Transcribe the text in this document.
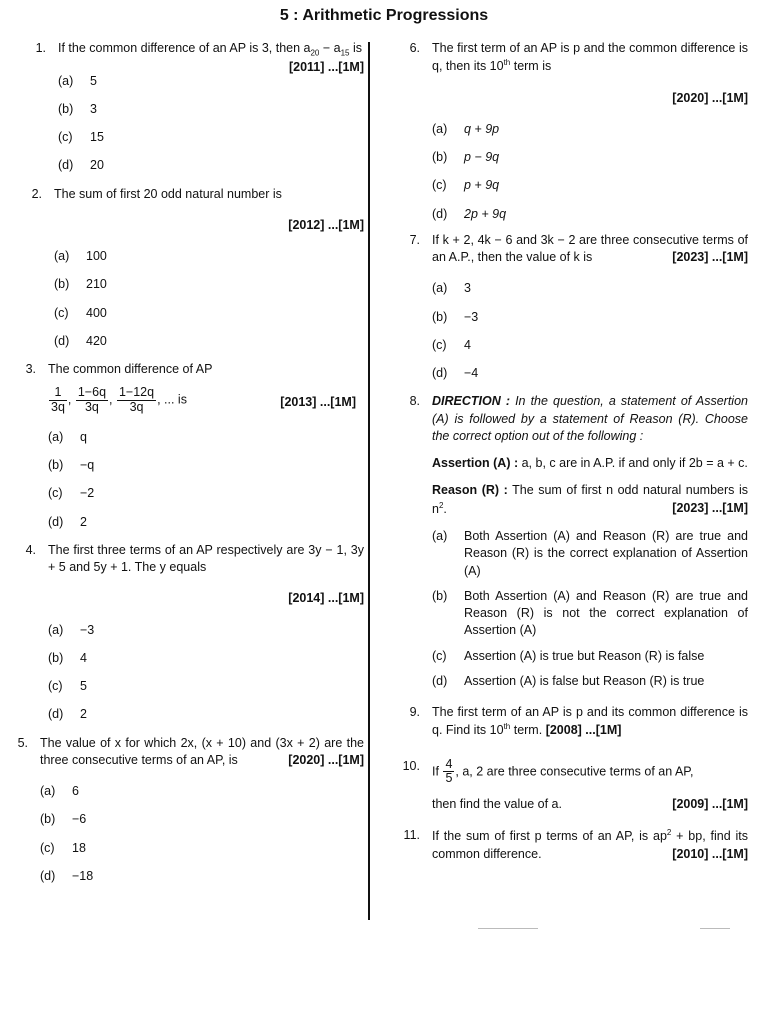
5 : Arithmetic Progressions
1. If the common difference of an AP is 3, then $a_{20} - a_{15}$ is
[2011] ...[1M]
(a)	5
(b)	3
(c)	15
(d)	20
2. The sum of first 20 odd natural number is
[2012] ...[1M]
(a)	100
(b)	210
(c)	400
(d)	420
3. The common difference of AP
$\frac{1}{3q}$ , $\frac{1-6q}{3q}$ , $\frac{1-12q}{3q}$ , ... is	[2013] ...[1M]
(a)	q
(b)	−q
(c)	−2
(d)	2
4. The first three terms of an AP respectively are 3y − 1, 3y + 5 and 5y + 1. The y equals
[2014] ...[1M]
(a)	−3
(b)	4
(c)	5
(d)	2
5. The value of x for which 2x, (x + 10) and (3x + 2) are the three consecutive terms of an AP, is	[2020] ...[1M]
(a)	6
(b)	−6
(c)	18
(d)	−18
6. The first term of an AP is p and the common difference is q, then its 10th term is
[2020] ...[1M]
(a)	q + 9p
(b)	p − 9q
(c)	p + 9q
(d)	2p + 9q
7. If k + 2, 4k − 6 and 3k − 2 are three consecutive terms of an A.P., then the value of k is	[2023] ...[1M]
(a)	3
(b)	−3
(c)	4
(d)	−4
8. DIRECTION : In the question, a statement of Assertion (A) is followed by a statement of Reason (R). Choose the correct option out of the following :
Assertion (A) : a, b, c are in A.P. if and only if 2b = a + c.
Reason (R) : The sum of first n odd natural numbers is $n^2$.	[2023] ...[1M]
(a)	Both Assertion (A) and Reason (R) are true and Reason (R) is the correct explanation of Assertion (A)
(b)	Both Assertion (A) and Reason (R) are true and Reason (R) is not the correct explanation of Assertion (A)
(c)	Assertion (A) is true but Reason (R) is false
(d)	Assertion (A) is false but Reason (R) is true
9. The first term of an AP is p and its common difference is q. Find its 10th term. [2008] ...[1M]
10. If $\frac{4}{5}$ , a, 2 are three consecutive terms of an AP,
then find the value of a.	[2009] ...[1M]
11. If the sum of first p terms of an AP, is $ap^2$ + bp, find its common difference.	[2010] ...[1M]
